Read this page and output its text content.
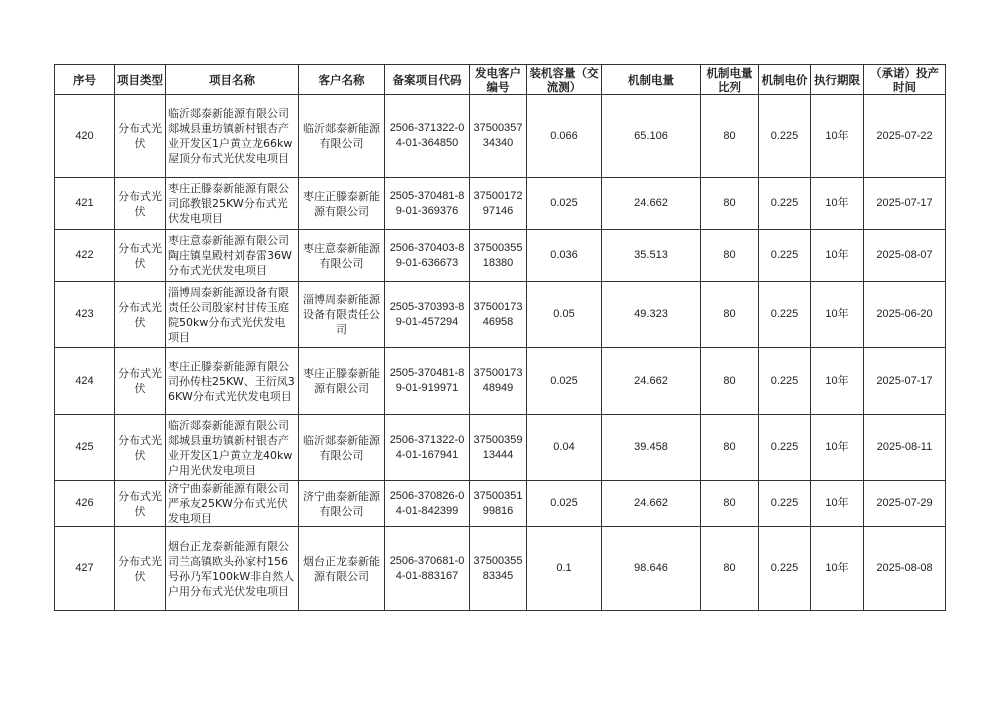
序号	项目类型	项目名称	客户名称	备案项目代码	发电客户编号	装机容量（交流测）	机制电量	机制电量比列	机制电价	执行期限	（承诺）投产时间
420	分布式光伏	临沂郯泰新能源有限公司郯城县重坊镇新村银杏产业开发区1户黄立龙66kw屋顶分布式光伏发电项目	临沂郯泰新能源有限公司	2506-371322-04-01-364850	3750035734340	0.066	65.106	80	0.225	10年	2025-07-22
421	分布式光伏	枣庄正滕泰新能源有限公司邱教银25KW分布式光伏发电项目	枣庄正滕泰新能源有限公司	2505-370481-89-01-369376	3750017297146	0.025	24.662	80	0.225	10年	2025-07-17
422	分布式光伏	枣庄意泰新能源有限公司陶庄镇皇殿村刘春雷36W分布式光伏发电项目	枣庄意泰新能源有限公司	2506-370403-89-01-636673	3750035518380	0.036	35.513	80	0.225	10年	2025-08-07
423	分布式光伏	淄博周泰新能源设备有限责任公司殷家村甘传玉庭院50kw分布式光伏发电项目	淄博周泰新能源设备有限责任公司	2505-370393-89-01-457294	3750017346958	0.05	49.323	80	0.225	10年	2025-06-20
424	分布式光伏	枣庄正滕泰新能源有限公司孙传柱25KW、王衍凤36KW分布式光伏发电项目	枣庄正滕泰新能源有限公司	2505-370481-89-01-919971	3750017348949	0.025	24.662	80	0.225	10年	2025-07-17
425	分布式光伏	临沂郯泰新能源有限公司郯城县重坊镇新村银杏产业开发区1户黄立龙40kw户用光伏发电项目	临沂郯泰新能源有限公司	2506-371322-04-01-167941	3750035913444	0.04	39.458	80	0.225	10年	2025-08-11
426	分布式光伏	济宁曲泰新能源有限公司严承友25KW分布式光伏发电项目	济宁曲泰新能源有限公司	2506-370826-04-01-842399	3750035199816	0.025	24.662	80	0.225	10年	2025-07-29
427	分布式光伏	烟台正龙泰新能源有限公司兰高镇欧头孙家村156号孙乃军100kW非自然人户用分布式光伏发电项目	烟台正龙泰新能源有限公司	2506-370681-04-01-883167	3750035583345	0.1	98.646	80	0.225	10年	2025-08-08
